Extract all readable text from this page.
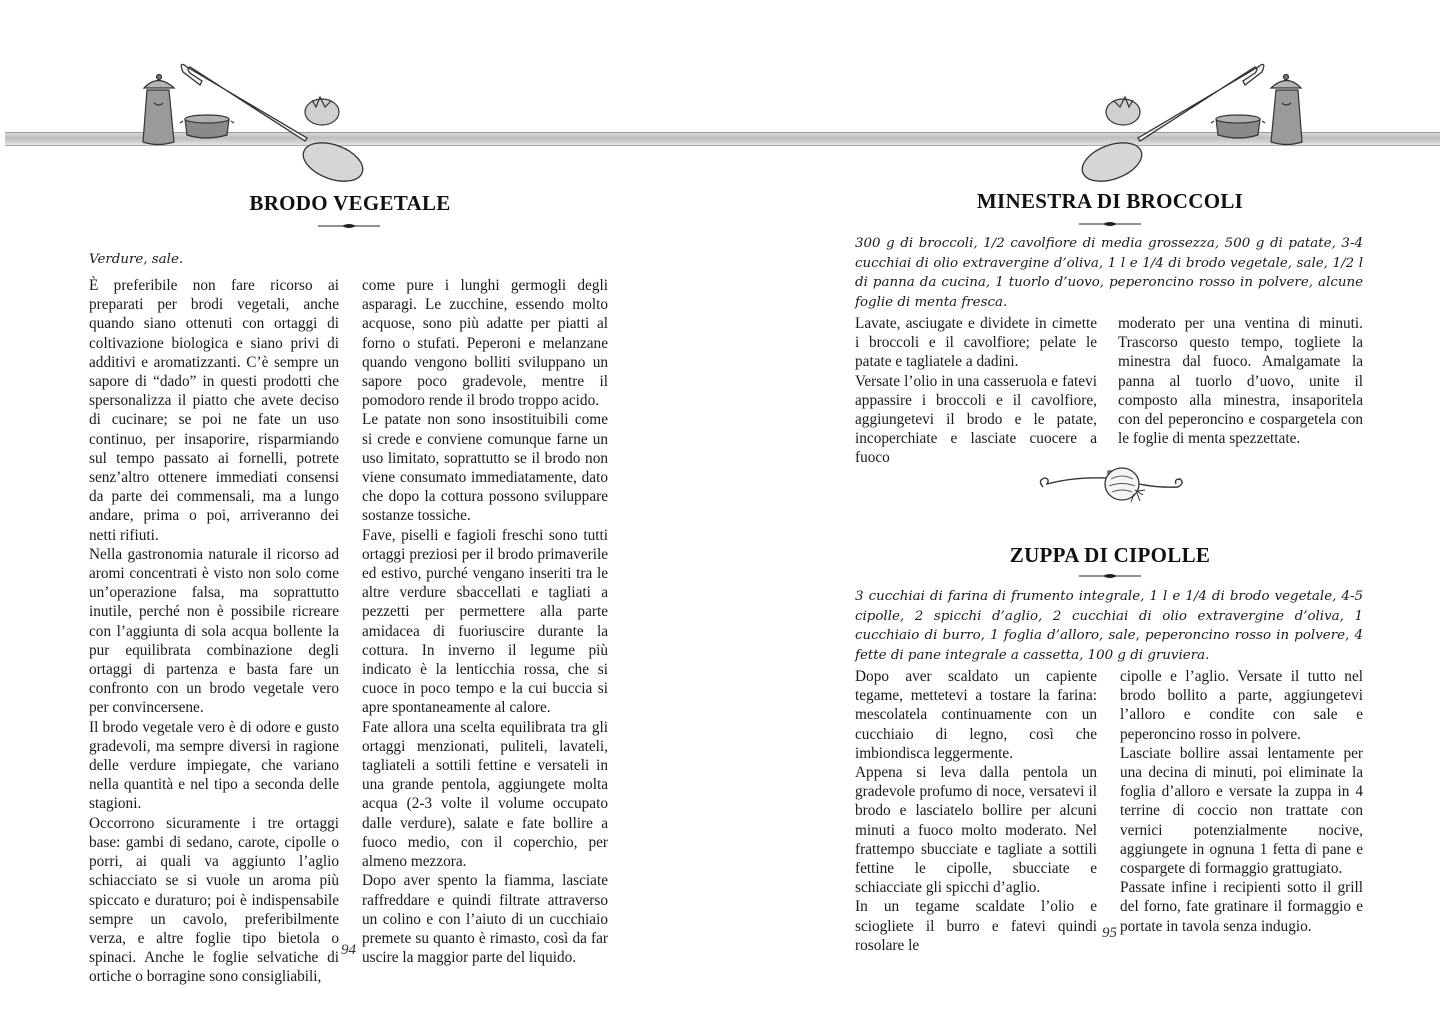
BRODO VEGETALE
Verdure, sale.

È preferibile non fare ricorso ai preparati per brodi vegetali, anche quando siano ottenuti con ortaggi di coltivazione biologica e siano privi di additivi e aromatizzanti. C’è sempre un sapore di “dado” in questi prodotti che spersonalizza il piatto che avete deciso di cucinare; se poi ne fate un uso continuo, per insaporire, risparmiando sul tempo passato ai fornelli, potrete senz’altro ottenere immediati consensi da parte dei commensali, ma a lungo andare, prima o poi, arriveranno dei netti rifiuti.

Nella gastronomia naturale il ricorso ad aromi concentrati è visto non solo come un’operazione falsa, ma soprattutto inutile, perché non è possibile ricreare con l’aggiunta di sola acqua bollente la pur equilibrata combinazione degli ortaggi di partenza e basta fare un confronto con un brodo vegetale vero per convincersene.

Il brodo vegetale vero è di odore e gusto gradevoli, ma sempre diversi in ragione delle verdure impiegate, che variano nella quantità e nel tipo a seconda delle stagioni.

Occorrono sicuramente i tre ortaggi base: gambi di sedano, carote, cipolle o porri, ai quali va aggiunto l’aglio schiacciato se si vuole un aroma più spiccato e duraturo; poi è indispensabile sempre un cavolo, preferibilmente verza, e altre foglie tipo bietola o spinaci. Anche le foglie selvatiche di ortiche o borragine sono consigliabili,

come pure i lunghi germogli degli asparagi. Le zucchine, essendo molto acquose, sono più adatte per piatti al forno o stufati. Peperoni e melanzane quando vengono bolliti sviluppano un sapore poco gradevole, mentre il pomodoro rende il brodo troppo acido.

Le patate non sono insostituibili come si crede e conviene comunque farne un uso limitato, soprattutto se il brodo non viene consumato immediatamente, dato che dopo la cottura possono sviluppare sostanze tossiche.

Fave, piselli e fagioli freschi sono tutti ortaggi preziosi per il brodo primaverile ed estivo, purché vengano inseriti tra le altre verdure sbaccellati e tagliati a pezzetti per permettere alla parte amidacea di fuoriuscire durante la cottura. In inverno il legume più indicato è la lenticchia rossa, che si cuoce in poco tempo e la cui buccia si apre spontaneamente al calore.

Fate allora una scelta equilibrata tra gli ortaggi menzionati, puliteli, lavateli, tagliateli a sottili fettine e versateli in una grande pentola, aggiungete molta acqua (2-3 volte il volume occupato dalle verdure), salate e fate bollire a fuoco medio, con il coperchio, per almeno mezzora.

Dopo aver spento la fiamma, lasciate raffreddare e quindi filtrate attraverso un colino e con l’aiuto di un cucchiaio premete su quanto è rimasto, così da far uscire la maggior parte del liquido.

94
MINESTRA DI BROCCOLI
300 g di broccoli, 1/2 cavolfiore di media grossezza, 500 g di patate, 3-4 cucchiai di olio extravergine d’oliva, 1 l e 1/4 di brodo vegetale, sale, 1/2 l di panna da cucina, 1 tuorlo d’uovo, peperoncino rosso in polvere, alcune foglie di menta fresca.

Lavate, asciugate e dividete in cimette i broccoli e il cavolfiore; pelate le patate e tagliatele a dadini.

Versate l’olio in una casseruola e fatevi appassire i broccoli e il cavolfiore, aggiungetevi il brodo e le patate, incoperchiate e lasciate cuocere a fuoco

moderato per una ventina di minuti. Trascorso questo tempo, togliete la minestra dal fuoco. Amalgamate la panna al tuorlo d’uovo, unite il composto alla minestra, insaporitela con del peperoncino e cospargetela con le foglie di menta spezzettate.

ZUPPA DI CIPOLLE
3 cucchiai di farina di frumento integrale, 1 l e 1/4 di brodo vegetale, 4-5 cipolle, 2 spicchi d’aglio, 2 cucchiai di olio extravergine d’oliva, 1 cucchiaio di burro, 1 foglia d’alloro, sale, peperoncino rosso in polvere, 4 fette di pane integrale a cassetta, 100 g di gruviera.

Dopo aver scaldato un capiente tegame, mettetevi a tostare la farina: mescolatela continuamente con un cucchiaio di legno, così che imbiondisca leggermente.

Appena si leva dalla pentola un gradevole profumo di noce, versatevi il brodo e lasciatelo bollire per alcuni minuti a fuoco molto moderato. Nel frattempo sbucciate e tagliate a sottili fettine le cipolle, sbucciate e schiacciate gli spicchi d’aglio.

In un tegame scaldate l’olio e sciogliete il burro e fatevi quindi rosolare le

cipolle e l’aglio. Versate il tutto nel brodo bollito a parte, aggiungetevi l’alloro e condite con sale e peperoncino rosso in polvere.

Lasciate bollire assai lentamente per una decina di minuti, poi eliminate la foglia d’alloro e versate la zuppa in 4 terrine di coccio non trattate con vernici potenzialmente nocive, aggiungete in ognuna 1 fetta di pane e cospargete di formaggio grattugiato.

Passate infine i recipienti sotto il grill del forno, fate gratinare il formaggio e portate in tavola senza indugio.

95
